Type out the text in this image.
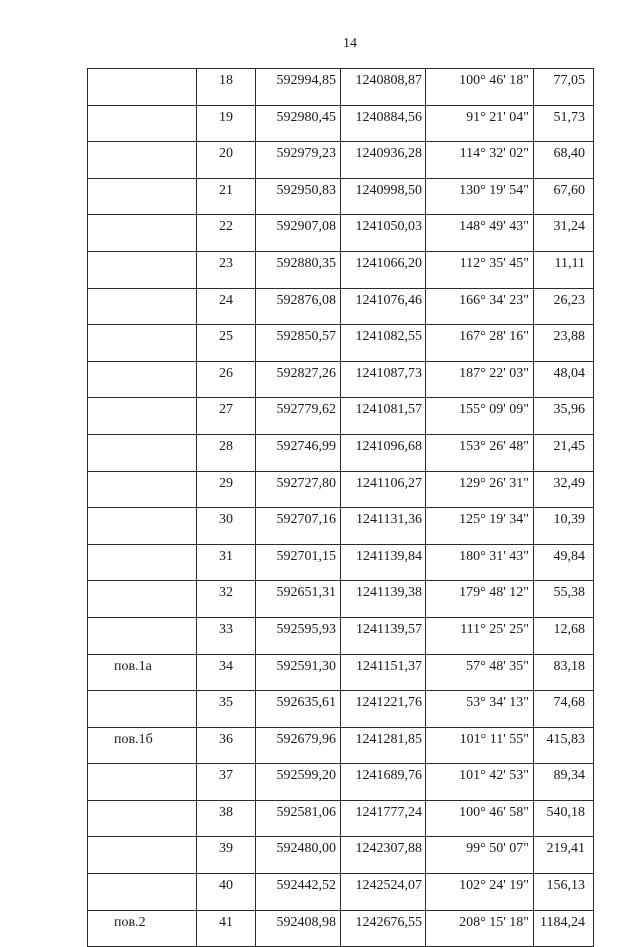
14

	18	592994,85	1240808,87	100° 46' 18"	77,05

	19	592980,45	1240884,56	91° 21' 04"	51,73

	20	592979,23	1240936,28	114° 32' 02"	68,40

	21	592950,83	1240998,50	130° 19' 54"	67,60

	22	592907,08	1241050,03	148° 49' 43"	31,24

	23	592880,35	1241066,20	112° 35' 45"	11,11

	24	592876,08	1241076,46	166° 34' 23"	26,23

	25	592850,57	1241082,55	167° 28' 16"	23,88

	26	592827,26	1241087,73	187° 22' 03"	48,04

	27	592779,62	1241081,57	155° 09' 09"	35,96

	28	592746,99	1241096,68	153° 26' 48"	21,45

	29	592727,80	1241106,27	129° 26' 31"	32,49

	30	592707,16	1241131,36	125° 19' 34"	10,39

	31	592701,15	1241139,84	180° 31' 43"	49,84

	32	592651,31	1241139,38	179° 48' 12"	55,38

	33	592595,93	1241139,57	111° 25' 25"	12,68

пов.1а	34	592591,30	1241151,37	57° 48' 35"	83,18

	35	592635,61	1241221,76	53° 34' 13"	74,68

пов.1б	36	592679,96	1241281,85	101° 11' 55"	415,83

	37	592599,20	1241689,76	101° 42' 53"	89,34

	38	592581,06	1241777,24	100° 46' 58"	540,18

	39	592480,00	1242307,88	99° 50' 07"	219,41

	40	592442,52	1242524,07	102° 24' 19"	156,13

пов.2	41	592408,98	1242676,55	208° 15' 18"	1184,24
